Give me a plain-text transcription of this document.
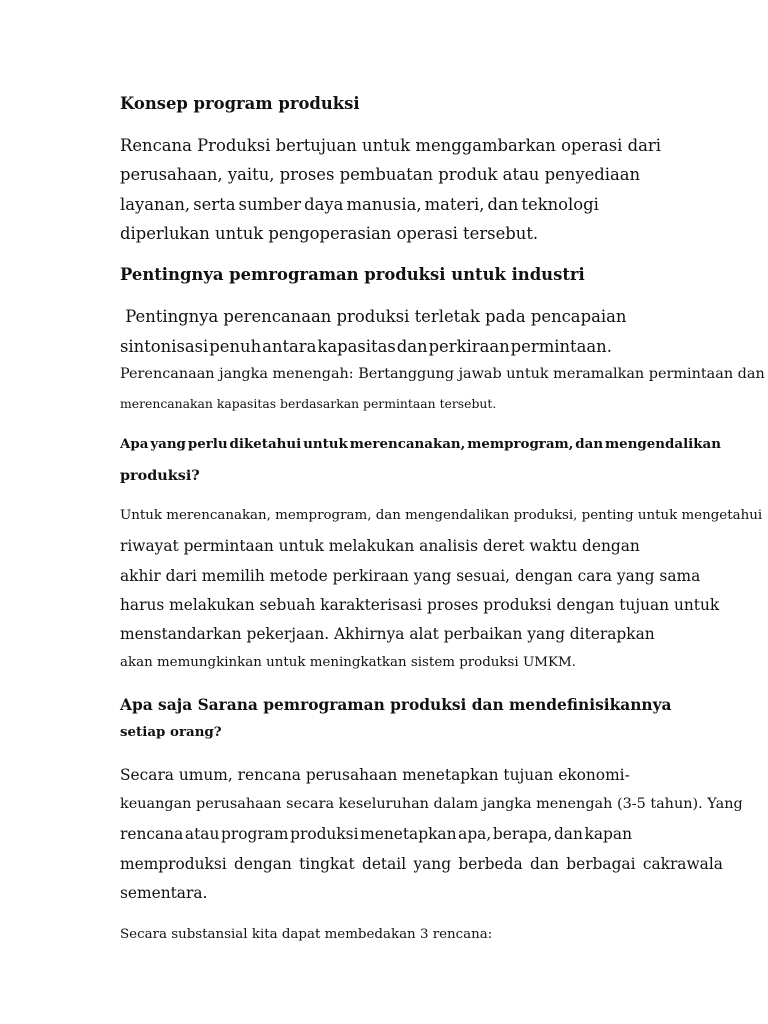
Konsep program produksi

Rencana Produksi bertujuan untuk menggambarkan operasi dari

perusahaan, yaitu, proses pembuatan produk atau penyediaan

layanan, serta sumber daya manusia, materi, dan teknologi

diperlukan untuk pengoperasian operasi tersebut.

Pentingnya pemrograman produksi untuk industri

Pentingnya perencanaan produksi terletak pada pencapaian

sintonisasi penuh antara kapasitas dan perkiraan permintaan.

Perencanaan jangka menengah: Bertanggung jawab untuk meramalkan permintaan dan

merencanakan kapasitas berdasarkan permintaan tersebut.

Apa yang perlu diketahui untuk merencanakan, memprogram, dan mengendalikan

produksi?

Untuk merencanakan, memprogram, dan mengendalikan produksi, penting untuk mengetahui

riwayat permintaan untuk melakukan analisis deret waktu dengan

akhir dari memilih metode perkiraan yang sesuai, dengan cara yang sama

harus melakukan sebuah karakterisasi proses produksi dengan tujuan untuk

menstandarkan pekerjaan. Akhirnya alat perbaikan yang diterapkan

akan memungkinkan untuk meningkatkan sistem produksi UMKM.

Apa saja Sarana pemrograman produksi dan mendefinisikannya

setiap orang?

Secara umum, rencana perusahaan menetapkan tujuan ekonomi-

keuangan perusahaan secara keseluruhan dalam jangka menengah (3-5 tahun). Yang

rencana atau program produksi menetapkan apa, berapa, dan kapan

memproduksi dengan tingkat detail yang berbeda dan berbagai cakrawala

sementara.

Secara substansial kita dapat membedakan 3 rencana:
